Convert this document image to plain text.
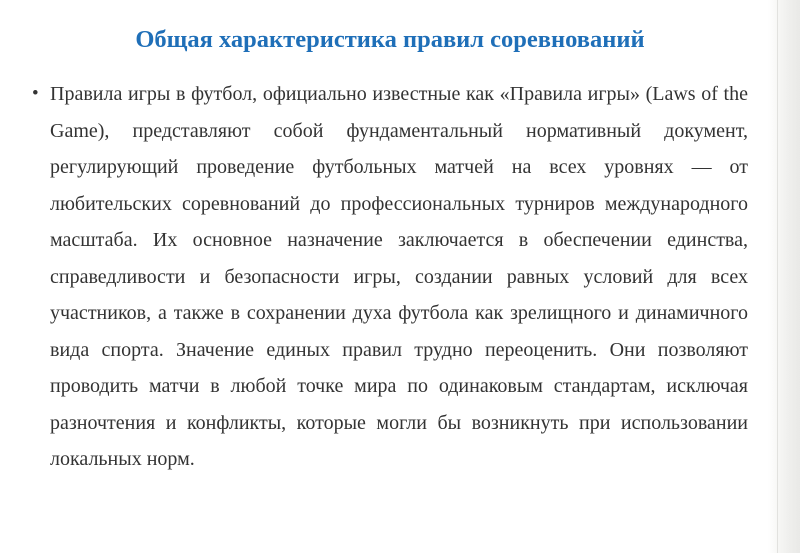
Общая характеристика правил соревнований
• Правила игры в футбол, официально известные как «Правила игры» (Laws of the Game), представляют собой фундаментальный нормативный документ, регулирующий проведение футбольных матчей на всех уровнях — от любительских соревнований до профессиональных турниров международного масштаба. Их основное назначение заключается в обеспечении единства, справедливости и безопасности игры, создании равных условий для всех участников, а также в сохранении духа футбола как зрелищного и динамичного вида спорта. Значение единых правил трудно переоценить. Они позволяют проводить матчи в любой точке мира по одинаковым стандартам, исключая разночтения и конфликты, которые могли бы возникнуть при использовании локальных норм.
